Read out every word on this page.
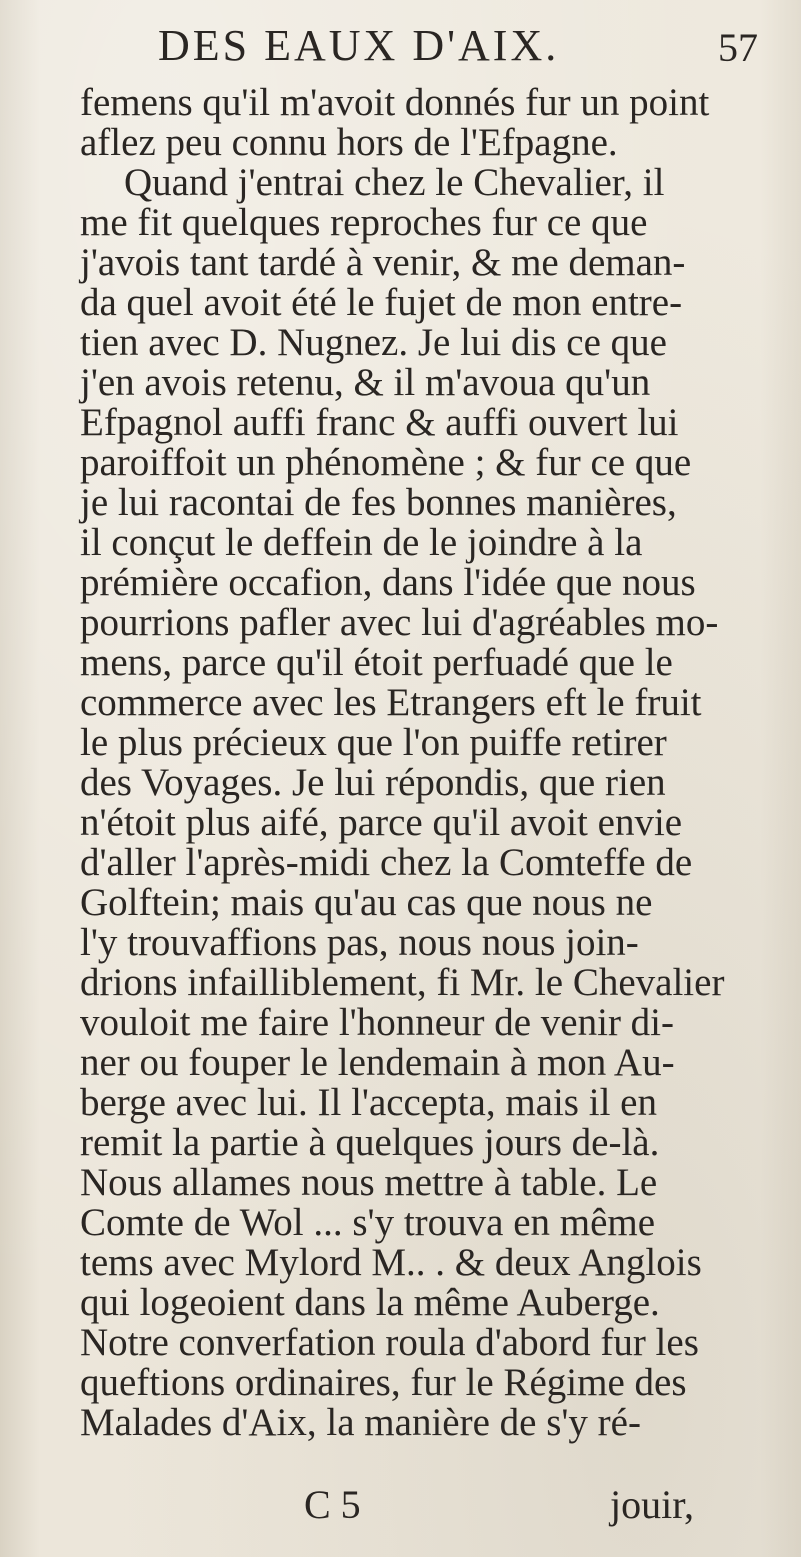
DES EAUX D'AIX.	57
femens qu'il m'avoit donnés fur un point
aflez peu connu hors de l'Efpagne.
Quand j'entrai chez le Chevalier, il
me fit quelques reproches fur ce que
j'avois tant tardé à venir, & me deman-
da quel avoit été le fujet de mon entre-
tien avec D. Nugnez. Je lui dis ce que
j'en avois retenu, & il m'avoua qu'un
Efpagnol auffi franc & auffi ouvert lui
paroiffoit un phénomène ; & fur ce que
je lui racontai de fes bonnes manières,
il conçut le deffein de le joindre à la
prémière occafion, dans l'idée que nous
pourrions pafler avec lui d'agréables mo-
mens, parce qu'il étoit perfuadé que le
commerce avec les Etrangers eft le fruit
le plus précieux que l'on puiffe retirer
des Voyages. Je lui répondis, que rien
n'étoit plus aifé, parce qu'il avoit envie
d'aller l'après-midi chez la Comteffe de
Golftein; mais qu'au cas que nous ne
l'y trouvaffions pas, nous nous join-
drions infailliblement, fi Mr. le Chevalier
vouloit me faire l'honneur de venir di-
ner ou fouper le lendemain à mon Au-
berge avec lui. Il l'accepta, mais il en
remit la partie à quelques jours de-là.
Nous allames nous mettre à table. Le
Comte de Wol ... s'y trouva en même
tems avec Mylord M.. . & deux Anglois
qui logeoient dans la même Auberge.
Notre converfation roula d'abord fur les
queftions ordinaires, fur le Régime des
Malades d'Aix, la manière de s'y ré-
C 5	jouir,
